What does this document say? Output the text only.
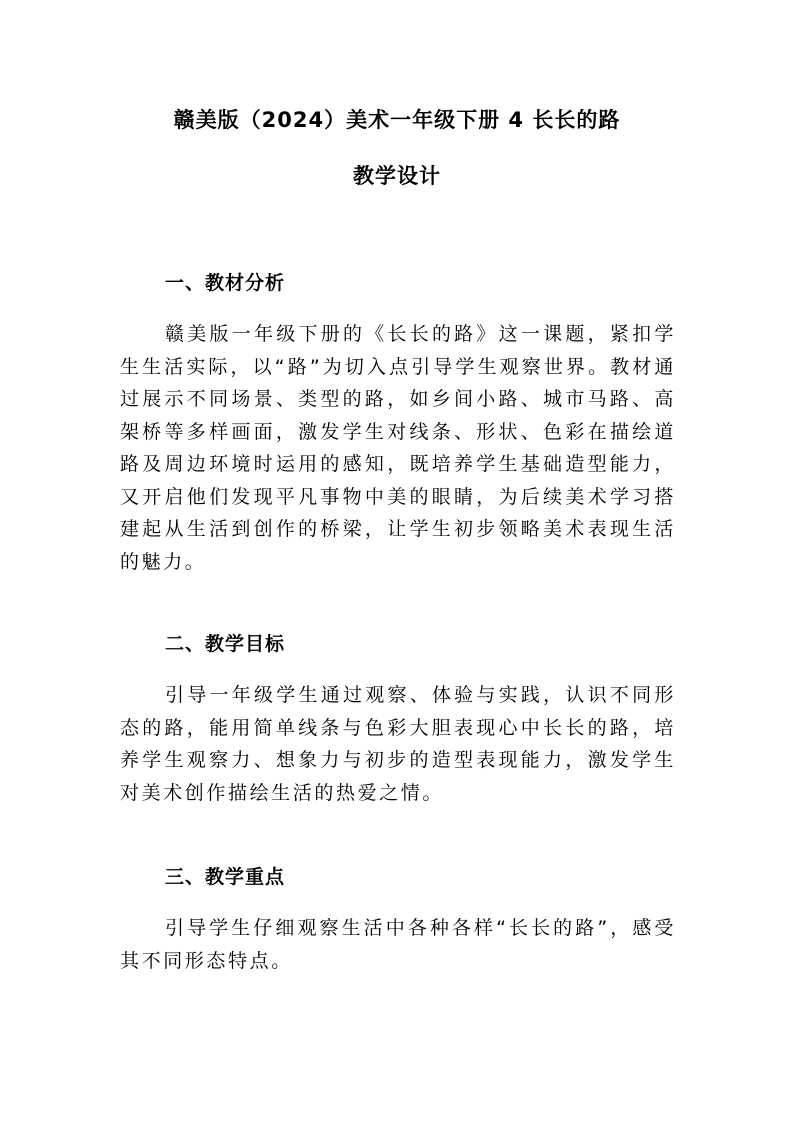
赣美版（2024）美术一年级下册 4 长长的路
教学设计
一、教材分析
赣美版一年级下册的《长长的路》这一课题，紧扣学生生活实际，以“路”为切入点引导学生观察世界。教材通过展示不同场景、类型的路，如乡间小路、城市马路、高架桥等多样画面，激发学生对线条、形状、色彩在描绘道路及周边环境时运用的感知，既培养学生基础造型能力，又开启他们发现平凡事物中美的眼睛，为后续美术学习搭建起从生活到创作的桥梁，让学生初步领略美术表现生活的魅力。
二、教学目标
引导一年级学生通过观察、体验与实践，认识不同形态的路，能用简单线条与色彩大胆表现心中长长的路，培养学生观察力、想象力与初步的造型表现能力，激发学生对美术创作描绘生活的热爱之情。
三、教学重点
引导学生仔细观察生活中各种各样“长长的路”，感受其不同形态特点。
